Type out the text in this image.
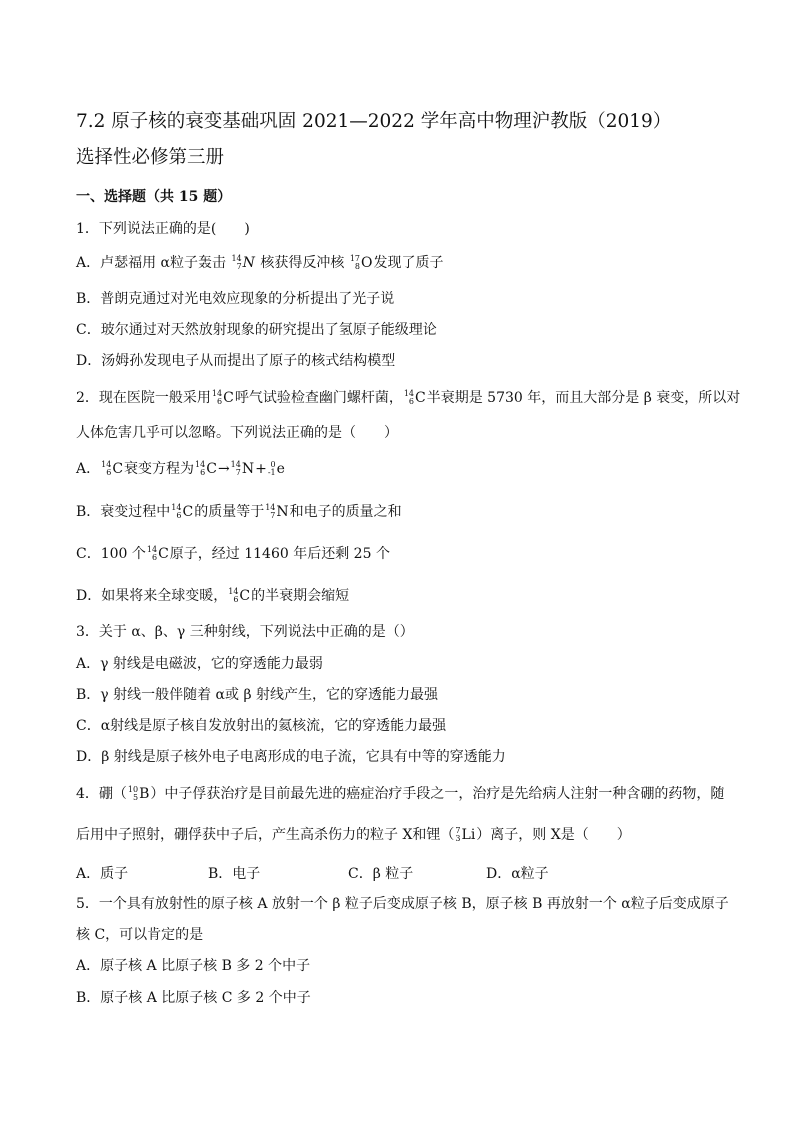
7.2 原子核的衰变基础巩固 2021—2022 学年高中物理沪教版（2019）
选择性必修第三册
一、选择题（共 15 题）
1．下列说法正确的是(　　)
A．卢瑟福用 α粒子轰击 14
7 N 核获得反冲核 17
8 O发现了质子
B．普朗克通过对光电效应现象的分析提出了光子说
C．玻尔通过对天然放射现象的研究提出了氢原子能级理论
D．汤姆孙发现电子从而提出了原子的核式结构模型
2．现在医院一般采用 14
6 C呼气试验检查幽门螺杆菌， 14
6 C半衰期是 5730 年，而且大部分是 β 衰变，所以对
人体危害几乎可以忽略。下列说法正确的是（　　）
A． 14
6 C衰变方程为 14
6 C→ 14
7 N+ 0
-1 e
B．衰变过程中 14
6 C的质量等于 14
7 N和电子的质量之和
C．100 个 14
6 C原子，经过 11460 年后还剩 25 个
D．如果将来全球变暖， 14
6 C的半衰期会缩短
3．关于 α、β、γ 三种射线，下列说法中正确的是（）
A．γ 射线是电磁波，它的穿透能力最弱
B．γ 射线一般伴随着 α或 β 射线产生，它的穿透能力最强
C．α射线是原子核自发放射出的氦核流，它的穿透能力最强
D．β 射线是原子核外电子电离形成的电子流，它具有中等的穿透能力
4．硼（ 10
5 B）中子俘获治疗是目前最先进的癌症治疗手段之一，治疗是先给病人注射一种含硼的药物，随
后用中子照射，硼俘获中子后，产生高杀伤力的粒子 X和锂（ 7
3 Li）离子，则 X是（　　）
A．质子	B．电子	C．β 粒子	D．α粒子
5．一个具有放射性的原子核 A 放射一个 β 粒子后变成原子核 B，原子核 B 再放射一个 α粒子后变成原子
核 C，可以肯定的是
A．原子核 A 比原子核 B 多 2 个中子
B．原子核 A 比原子核 C 多 2 个中子
